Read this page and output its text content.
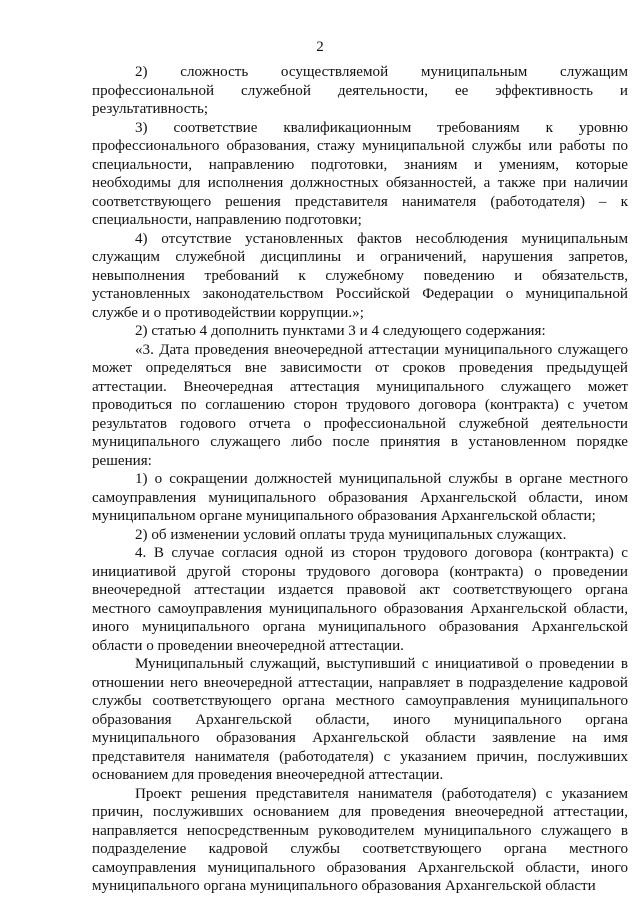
2

2) сложность осуществляемой муниципальным служащим профессиональной служебной деятельности, ее эффективность и результативность;

3) соответствие квалификационным требованиям к уровню профессионального образования, стажу муниципальной службы или работы по специальности, направлению подготовки, знаниям и умениям, которые необходимы для исполнения должностных обязанностей, а также при наличии соответствующего решения представителя нанимателя (работодателя) – к специальности, направлению подготовки;

4) отсутствие установленных фактов несоблюдения муниципальным служащим служебной дисциплины и ограничений, нарушения запретов, невыполнения требований к служебному поведению и обязательств, установленных законодательством Российской Федерации о муниципальной службе и о противодействии коррупции.»;

2) статью 4 дополнить пунктами 3 и 4 следующего содержания:

«3. Дата проведения внеочередной аттестации муниципального служащего может определяться вне зависимости от сроков проведения предыдущей аттестации. Внеочередная аттестация муниципального служащего может проводиться по соглашению сторон трудового договора (контракта) с учетом результатов годового отчета о профессиональной служебной деятельности муниципального служащего либо после принятия в установленном порядке решения:

1) о сокращении должностей муниципальной службы в органе местного самоуправления муниципального образования Архангельской области, ином муниципальном органе муниципального образования Архангельской области;

2) об изменении условий оплаты труда муниципальных служащих.

4. В случае согласия одной из сторон трудового договора (контракта) с инициативой другой стороны трудового договора (контракта) о проведении внеочередной аттестации издается правовой акт соответствующего органа местного самоуправления муниципального образования Архангельской области, иного муниципального органа муниципального образования Архангельской области о проведении внеочередной аттестации.

Муниципальный служащий, выступивший с инициативой о проведении в отношении него внеочередной аттестации, направляет в подразделение кадровой службы соответствующего органа местного самоуправления муниципального образования Архангельской области, иного муниципального органа муниципального образования Архангельской области заявление на имя представителя нанимателя (работодателя) с указанием причин, послуживших основанием для проведения внеочередной аттестации.

Проект решения представителя нанимателя (работодателя) с указанием причин, послуживших основанием для проведения внеочередной аттестации, направляется непосредственным руководителем муниципального служащего в подразделение кадровой службы соответствующего органа местного самоуправления муниципального образования Архангельской области, иного муниципального органа муниципального образования Архангельской области
